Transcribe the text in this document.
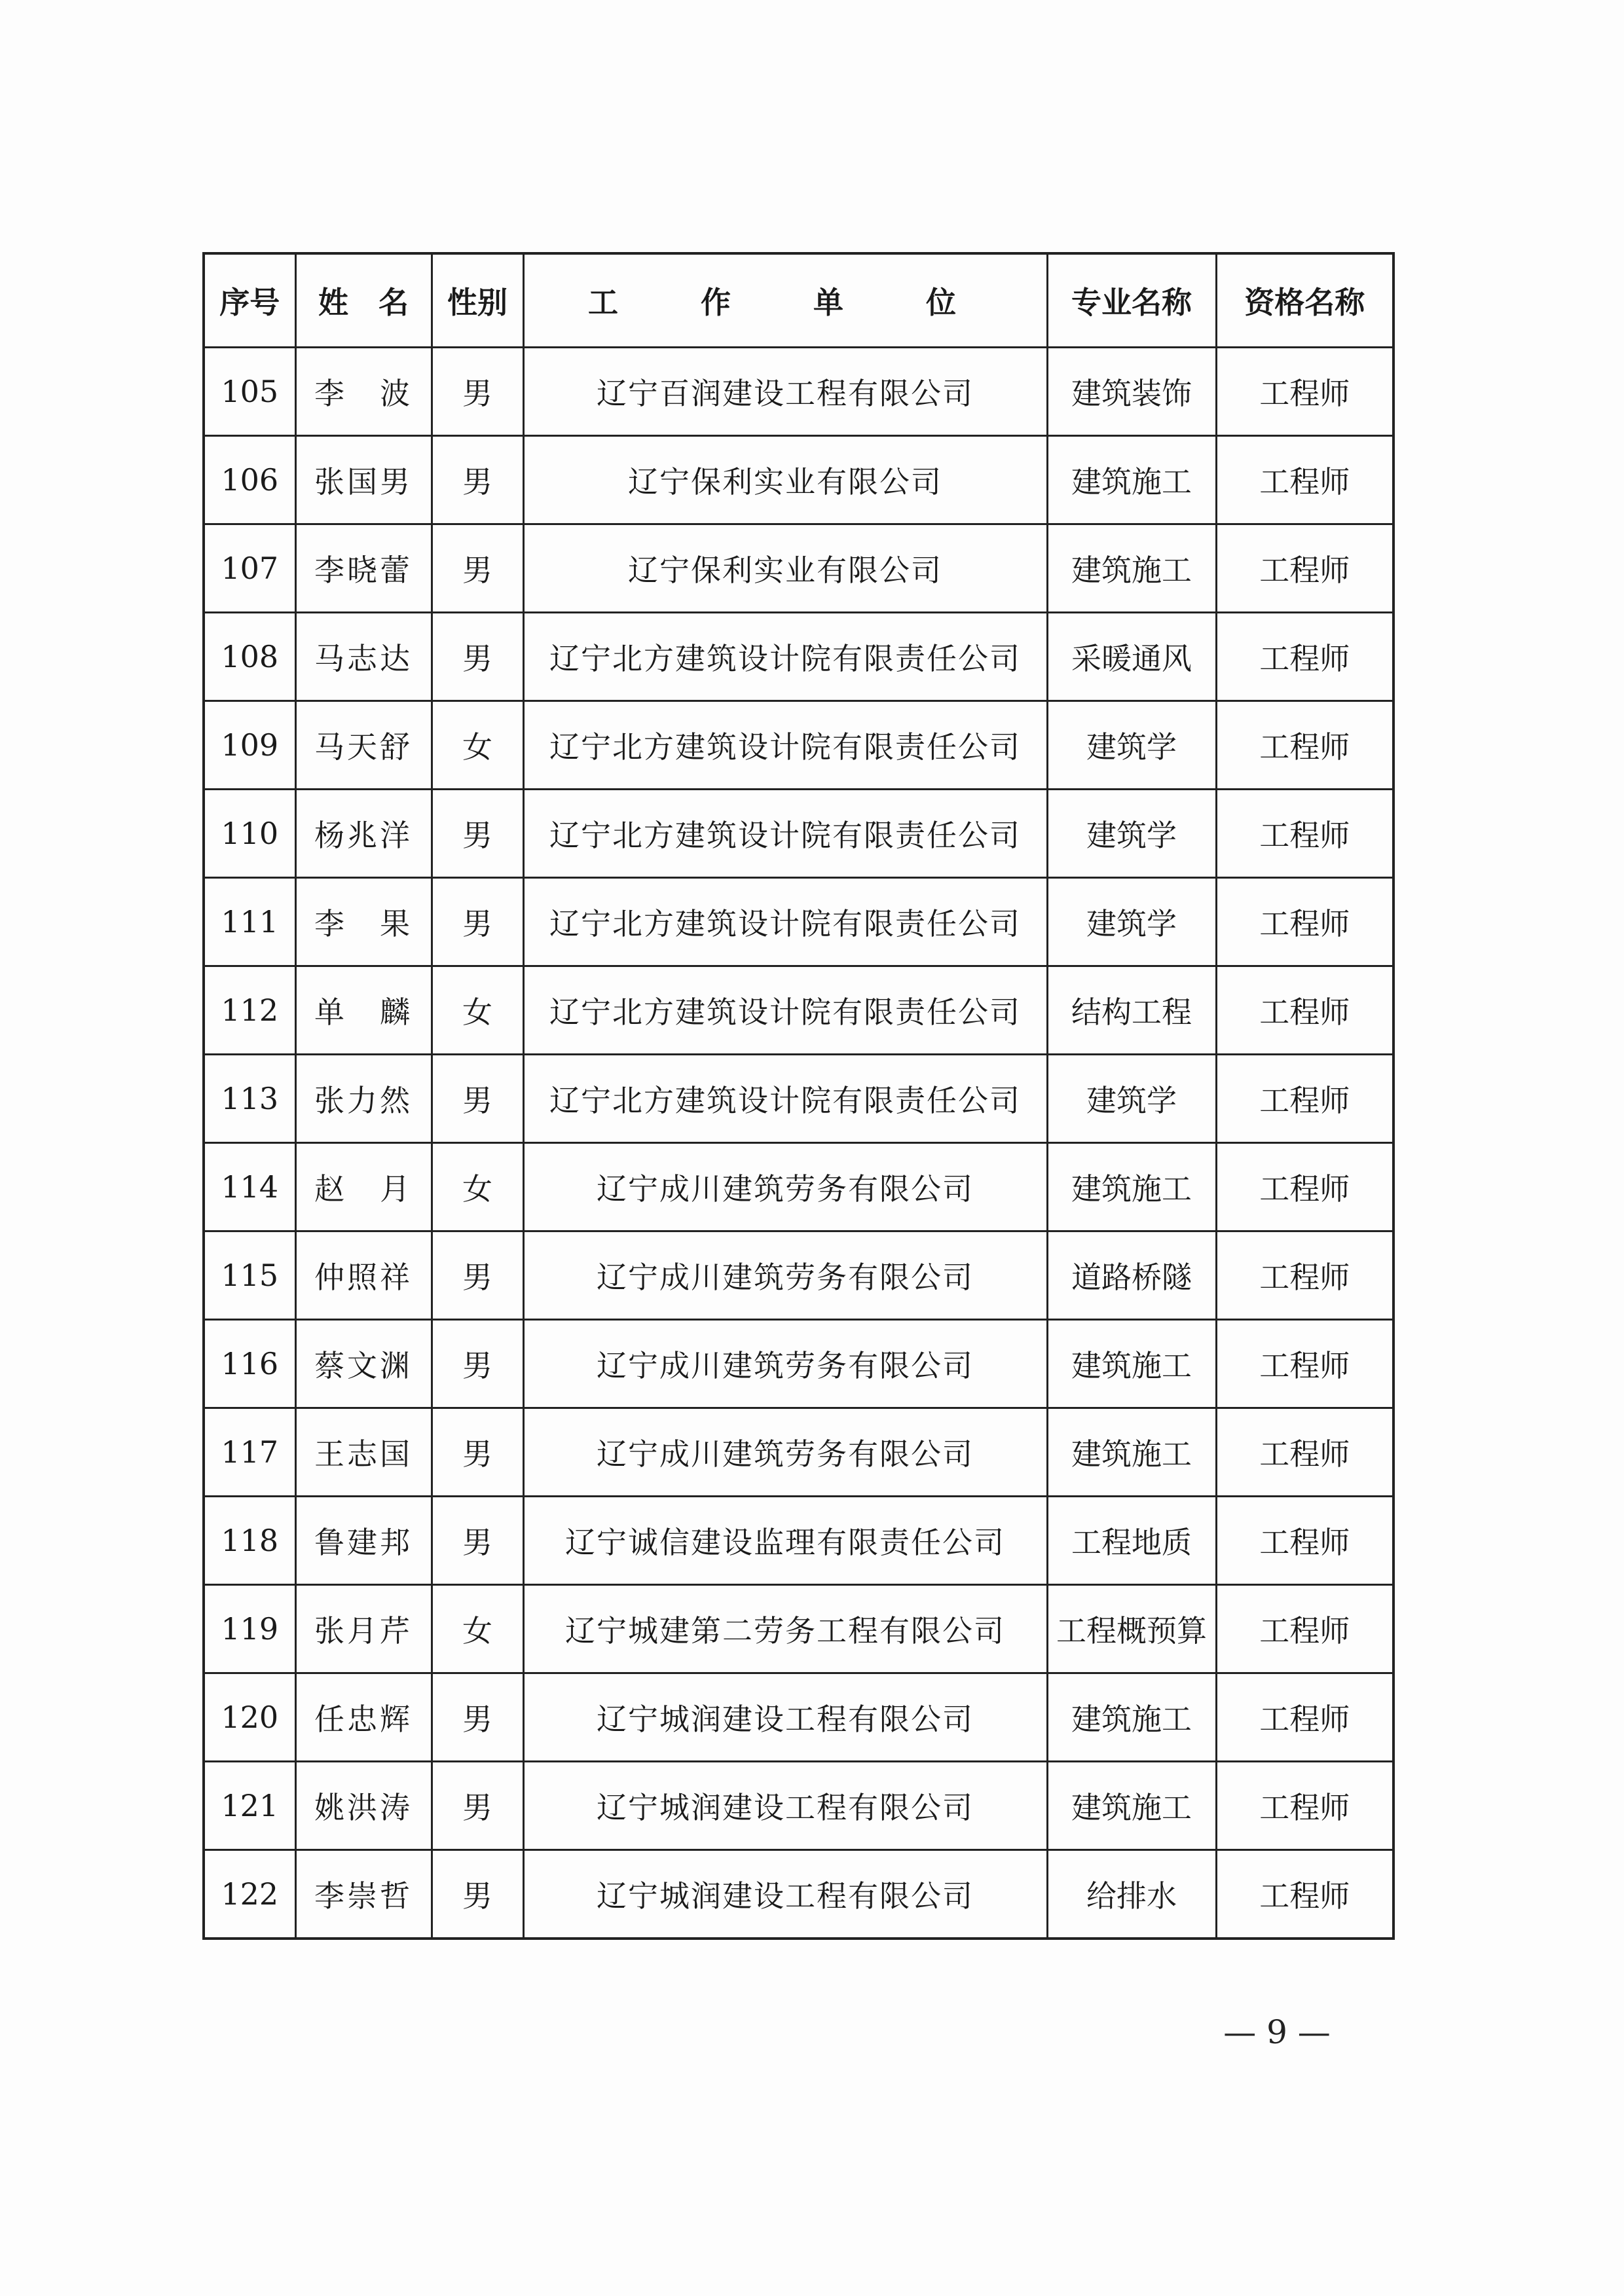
序号	姓　名	性别	工　作　单　位	专业名称	资格名称
105	李　波	男	辽宁百润建设工程有限公司	建筑装饰	工程师
106	张国男	男	辽宁保利实业有限公司	建筑施工	工程师
107	李晓蕾	男	辽宁保利实业有限公司	建筑施工	工程师
108	马志达	男	辽宁北方建筑设计院有限责任公司	采暖通风	工程师
109	马天舒	女	辽宁北方建筑设计院有限责任公司	建筑学	工程师
110	杨兆洋	男	辽宁北方建筑设计院有限责任公司	建筑学	工程师
111	李　果	男	辽宁北方建筑设计院有限责任公司	建筑学	工程师
112	单　麟	女	辽宁北方建筑设计院有限责任公司	结构工程	工程师
113	张力然	男	辽宁北方建筑设计院有限责任公司	建筑学	工程师
114	赵　月	女	辽宁成川建筑劳务有限公司	建筑施工	工程师
115	仲照祥	男	辽宁成川建筑劳务有限公司	道路桥隧	工程师
116	蔡文渊	男	辽宁成川建筑劳务有限公司	建筑施工	工程师
117	王志国	男	辽宁成川建筑劳务有限公司	建筑施工	工程师
118	鲁建邦	男	辽宁诚信建设监理有限责任公司	工程地质	工程师
119	张月芹	女	辽宁城建第二劳务工程有限公司	工程概预算	工程师
120	任忠辉	男	辽宁城润建设工程有限公司	建筑施工	工程师
121	姚洪涛	男	辽宁城润建设工程有限公司	建筑施工	工程师
122	李崇哲	男	辽宁城润建设工程有限公司	给排水	工程师
— 9 —
